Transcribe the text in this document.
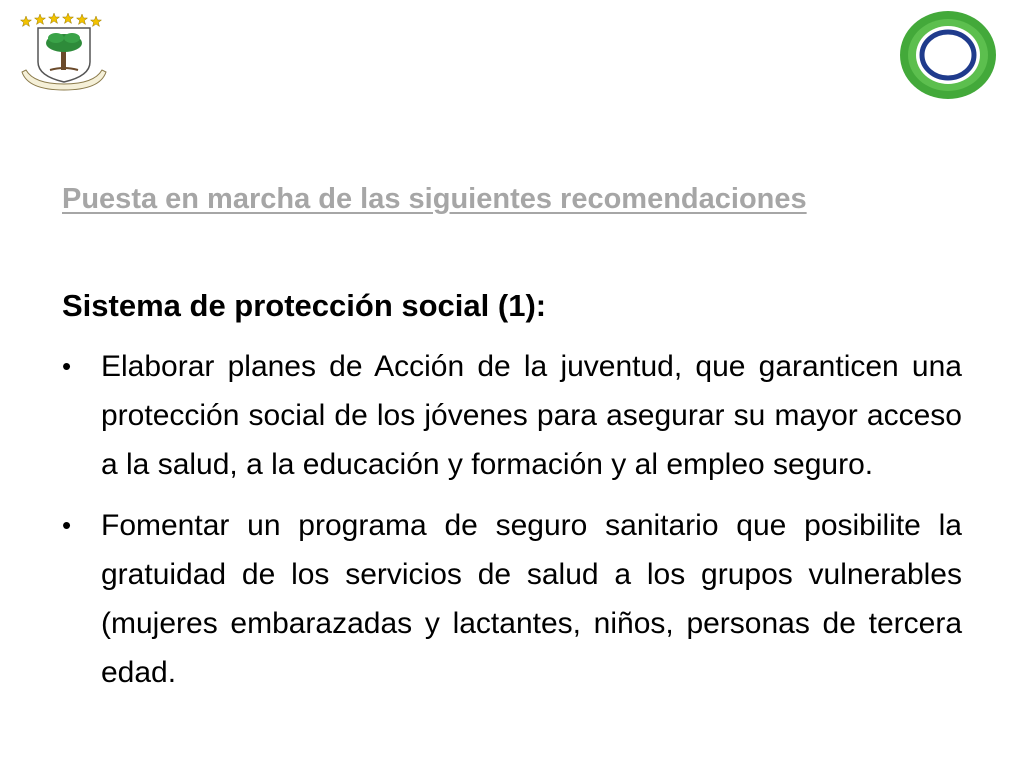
Puesta en marcha de las siguientes recomendaciones
Sistema de protección social (1):
• Elaborar planes de Acción de la juventud, que garanticen una protección social de los jóvenes para asegurar su mayor acceso a la salud, a la educación y formación y al empleo seguro.
• Fomentar un programa de seguro sanitario que posibilite la gratuidad de los servicios de salud a los grupos vulnerables (mujeres embarazadas y lactantes, niños, personas de tercera edad.
